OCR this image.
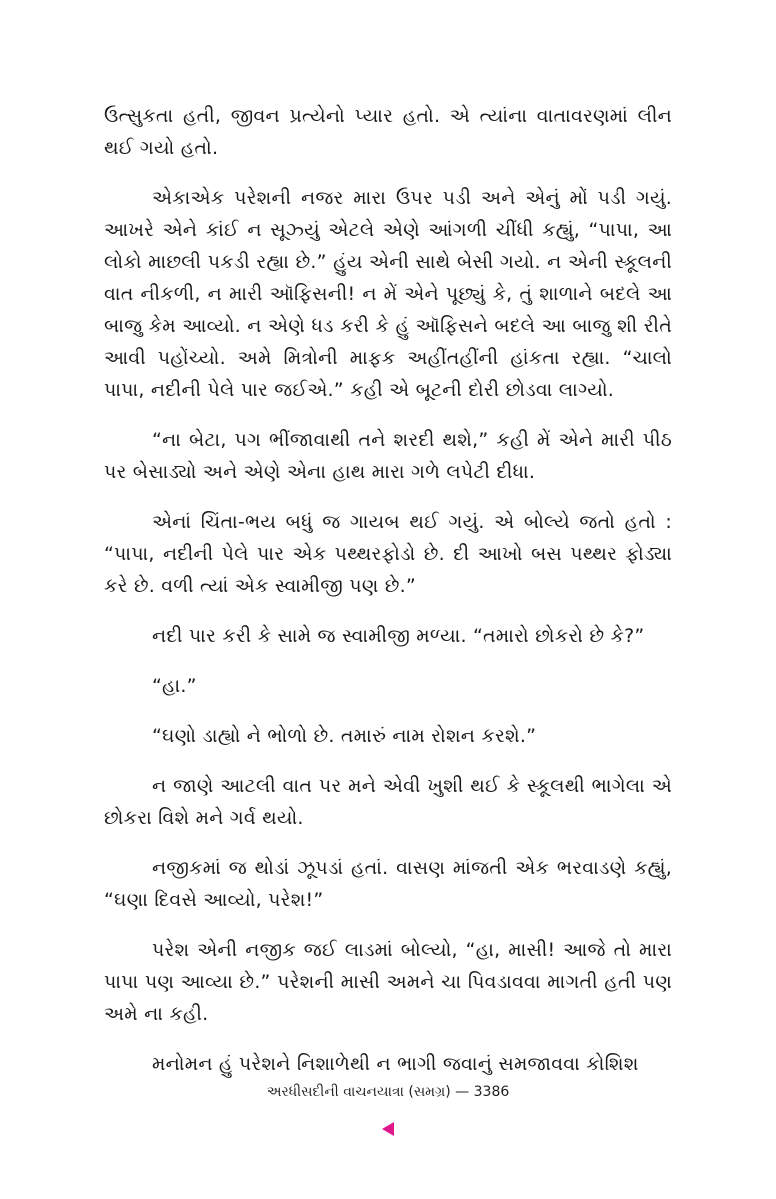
ઉત્સુકતા હતી, જીવન પ્રત્યેનો પ્યાર હતો. એ ત્યાંના વાતાવરણમાં લીન થઈ ગયો હતો.

એકાએક પરેશની નજર મારા ઉપર પડી અને એનું મોં પડી ગયું. આખરે એને કાંઈ ન સૂઝ્યું એટલે એણે આંગળી ચીંધી કહ્યું, “પાપા, આ લોકો માછલી પકડી રહ્યા છે.” હુંય એની સાથે બેસી ગયો. ન એની સ્કૂલની વાત નીકળી, ન મારી ઑફિસની! ન મેં એને પૂછ્યું કે, તું શાળાને બદલે આ બાજુ કેમ આવ્યો. ન એણે ધડ કરી કે હું ઑફિસને બદલે આ બાજુ શી રીતે આવી પહોંચ્યો. અમે મિત્રોની માફક અહીંતહીંની હાંકતા રહ્યા. “ચાલો પાપા, નદીની પેલે પાર જઈએ.” કહી એ બૂટની દોરી છોડવા લાગ્યો.

“ના બેટા, પગ ભીંજાવાથી તને શરદી થશે,” કહી મેં એને મારી પીઠ પર બેસાડ્યો અને એણે એના હાથ મારા ગળે લપેટી દીધા.

એનાં ચિંતા-ભય બધું જ ગાયબ થઈ ગયું. એ બોલ્યે જતો હતો : “પાપા, નદીની પેલે પાર એક પથ્થરફોડો છે. દી આખો બસ પથ્થર ફોડ્યા કરે છે. વળી ત્યાં એક સ્વામીજી પણ છે.”

નદી પાર કરી કે સામે જ સ્વામીજી મળ્યા. “તમારો છોકરો છે કે?”

“હા.”

“ઘણો ડાહ્યો ને ભોળો છે. તમારું નામ રોશન કરશે.”

ન જાણે આટલી વાત પર મને એવી ખુશી થઈ કે સ્કૂલથી ભાગેલા એ છોકરા વિશે મને ગર્વ થયો.

નજીકમાં જ થોડાં ઝૂપડાં હતાં. વાસણ માંજતી એક ભરવાડણે કહ્યું, “ઘણા દિવસે આવ્યો, પરેશ!”

પરેશ એની નજીક જઈ લાડમાં બોલ્યો, “હા, માસી! આજે તો મારા પાપા પણ આવ્યા છે.” પરેશની માસી અમને ચા પિવડાવવા માગતી હતી પણ અમે ના કહી.

મનોમન હું પરેશને નિશાળેથી ન ભાગી જવાનું સમજાવવા કોશિશ

અરધીસદીની વાચનયાત્રા (સમગ્ર) — 3386
